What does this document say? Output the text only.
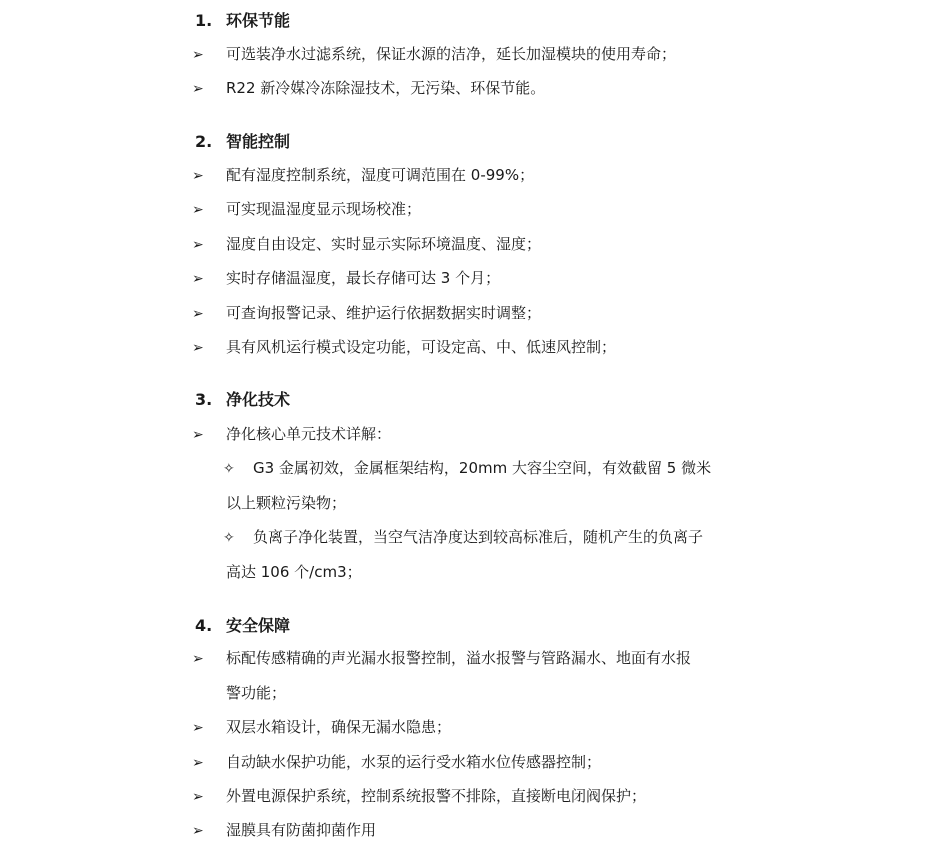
1. 环保节能
➢ 可选装净水过滤系统，保证水源的洁净，延长加湿模块的使用寿命；
➢ R22 新冷媒冷冻除湿技术，无污染、环保节能。
2. 智能控制
➢ 配有湿度控制系统，湿度可调范围在 0-99%；
➢ 可实现温湿度显示现场校准；
➢ 湿度自由设定、实时显示实际环境温度、湿度；
➢ 实时存储温湿度，最长存储可达 3 个月；
➢ 可查询报警记录、维护运行依据数据实时调整；
➢ 具有风机运行模式设定功能，可设定高、中、低速风控制；
3. 净化技术
➢ 净化核心单元技术详解：
✧ G3 金属初效，金属框架结构，20mm 大容尘空间，有效截留 5 微米
以上颗粒污染物；
✧ 负离子净化装置，当空气洁净度达到较高标准后，随机产生的负离子
高达 106 个/cm3；
4. 安全保障
➢ 标配传感精确的声光漏水报警控制，溢水报警与管路漏水、地面有水报
警功能；
➢ 双层水箱设计，确保无漏水隐患；
➢ 自动缺水保护功能，水泵的运行受水箱水位传感器控制；
➢ 外置电源保护系统，控制系统报警不排除，直接断电闭阀保护；
➢ 湿膜具有防菌抑菌作用
